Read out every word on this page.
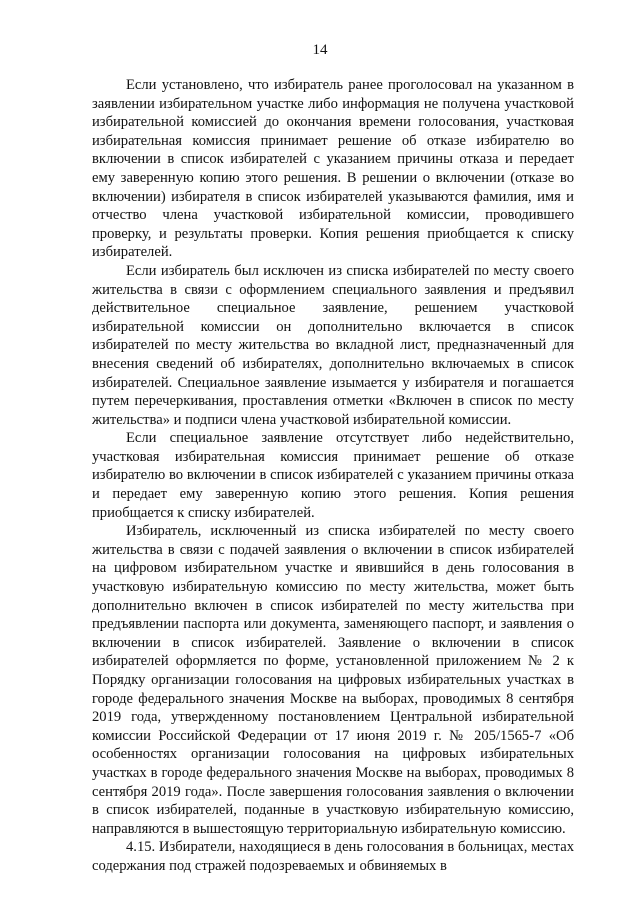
14

Если установлено, что избиратель ранее проголосовал на указанном в заявлении избирательном участке либо информация не получена участковой избирательной комиссией до окончания времени голосования, участковая избирательная комиссия принимает решение об отказе избирателю во включении в список избирателей с указанием причины отказа и передает ему заверенную копию этого решения. В решении о включении (отказе во включении) избирателя в список избирателей указываются фамилия, имя и отчество члена участковой избирательной комиссии, проводившего проверку, и результаты проверки. Копия решения приобщается к списку избирателей.

Если избиратель был исключен из списка избирателей по месту своего жительства в связи с оформлением специального заявления и предъявил действительное специальное заявление, решением участковой избирательной комиссии он дополнительно включается в список избирателей по месту жительства во вкладной лист, предназначенный для внесения сведений об избирателях, дополнительно включаемых в список избирателей. Специальное заявление изымается у избирателя и погашается путем перечеркивания, проставления отметки «Включен в список по месту жительства» и подписи члена участковой избирательной комиссии.

Если специальное заявление отсутствует либо недействительно, участковая избирательная комиссия принимает решение об отказе избирателю во включении в список избирателей с указанием причины отказа и передает ему заверенную копию этого решения. Копия решения приобщается к списку избирателей.

Избиратель, исключенный из списка избирателей по месту своего жительства в связи с подачей заявления о включении в список избирателей на цифровом избирательном участке и явившийся в день голосования в участковую избирательную комиссию по месту жительства, может быть дополнительно включен в список избирателей по месту жительства при предъявлении паспорта или документа, заменяющего паспорт, и заявления о включении в список избирателей. Заявление о включении в список избирателей оформляется по форме, установленной приложением № 2 к Порядку организации голосования на цифровых избирательных участках в городе федерального значения Москве на выборах, проводимых 8 сентября 2019 года, утвержденному постановлением Центральной избирательной комиссии Российской Федерации от 17 июня 2019 г. № 205/1565-7 «Об особенностях организации голосования на цифровых избирательных участках в городе федерального значения Москве на выборах, проводимых 8 сентября 2019 года». После завершения голосования заявления о включении в список избирателей, поданные в участковую избирательную комиссию, направляются в вышестоящую территориальную избирательную комиссию.

4.15. Избиратели, находящиеся в день голосования в больницах, местах содержания под стражей подозреваемых и обвиняемых в
